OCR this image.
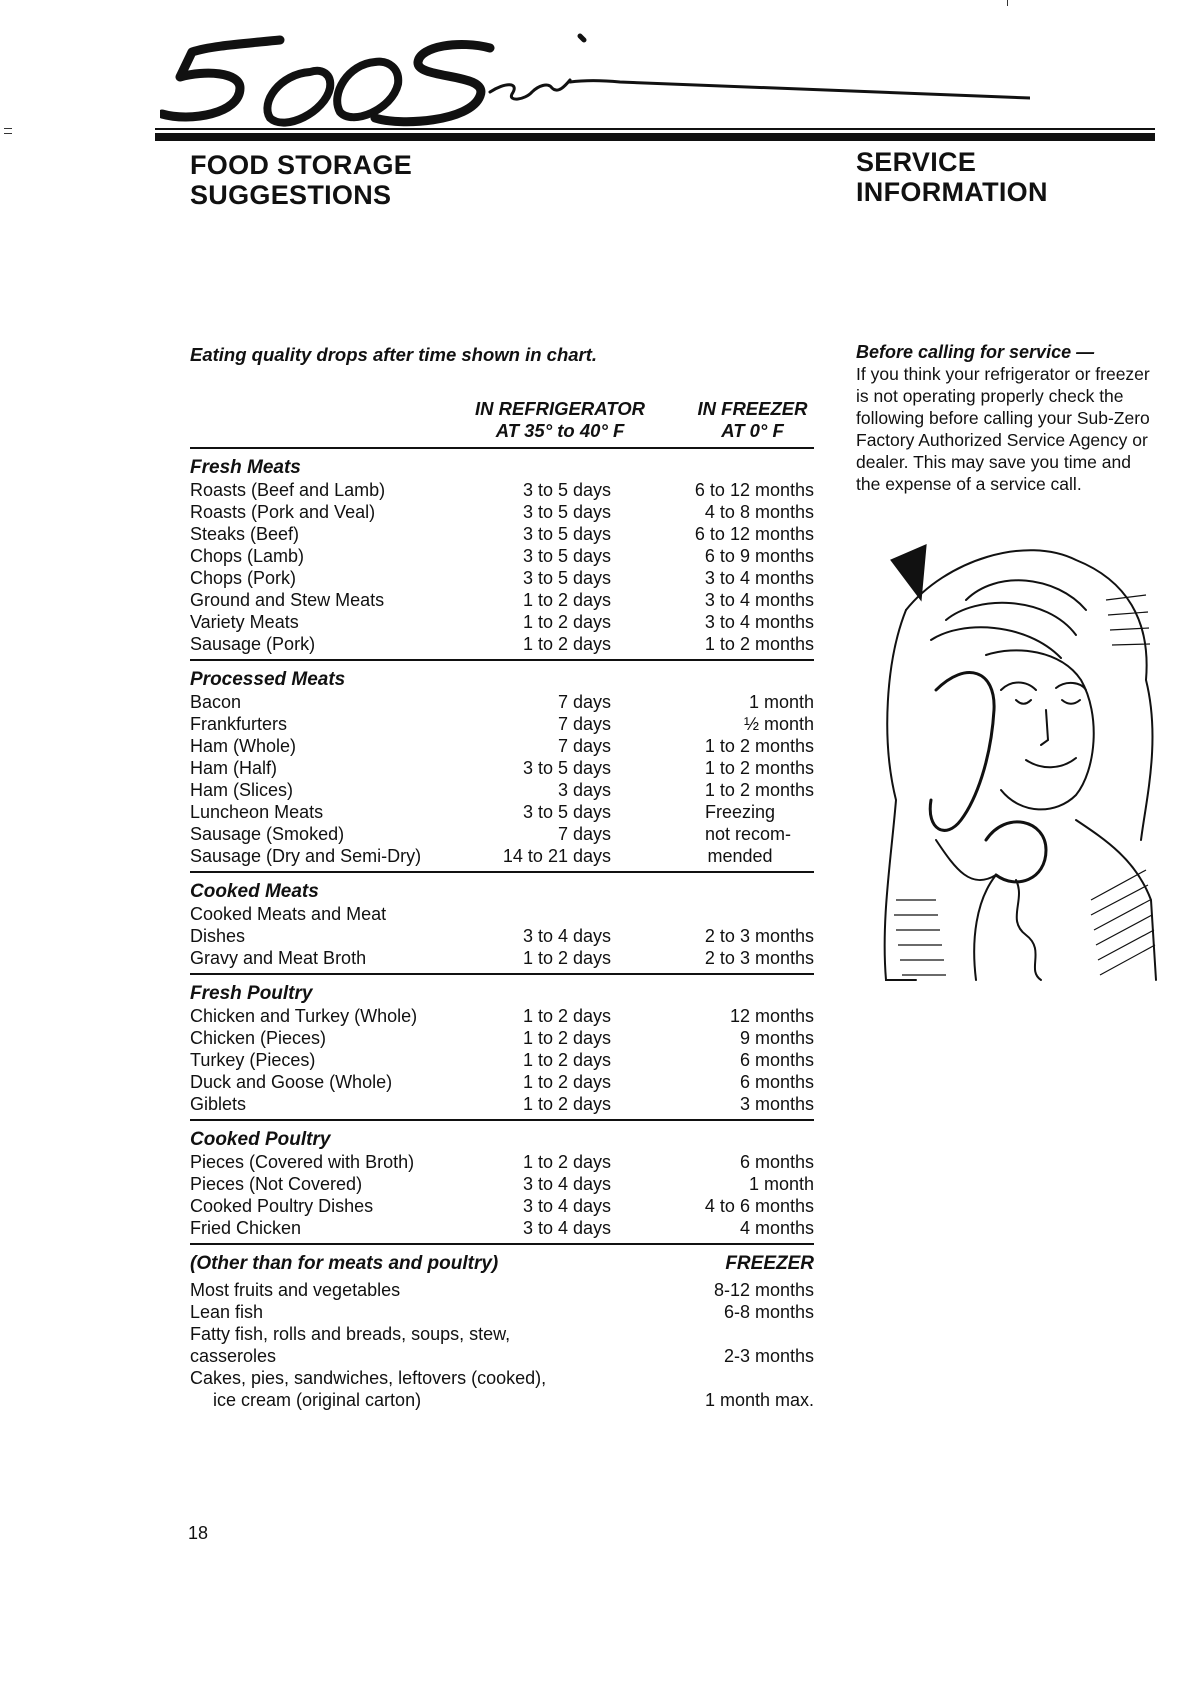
FOOD STORAGE
SUGGESTIONS
SERVICE
INFORMATION
Eating quality drops after time shown in chart.
IN REFRIGERATOR
AT 35° to 40° F
IN FREEZER
AT 0° F
Fresh Meats
Roasts (Beef and Lamb)	3 to 5 days	6 to 12 months
Roasts (Pork and Veal)	3 to 5 days	4 to 8 months
Steaks (Beef)	3 to 5 days	6 to 12 months
Chops (Lamb)	3 to 5 days	6 to 9 months
Chops (Pork)	3 to 5 days	3 to 4 months
Ground and Stew Meats	1 to 2 days	3 to 4 months
Variety Meats	1 to 2 days	3 to 4 months
Sausage (Pork)	1 to 2 days	1 to 2 months
Processed Meats
Bacon	7 days	1 month
Frankfurters	7 days	½ month
Ham (Whole)	7 days	1 to 2 months
Ham (Half)	3 to 5 days	1 to 2 months
Ham (Slices)	3 days	1 to 2 months
Luncheon Meats	3 to 5 days	Freezing
Sausage (Smoked)	7 days	not recom-
Sausage (Dry and Semi-Dry)	14 to 21 days	mended
Cooked Meats
Cooked Meats and Meat
Dishes	3 to 4 days	2 to 3 months
Gravy and Meat Broth	1 to 2 days	2 to 3 months
Fresh Poultry
Chicken and Turkey (Whole)	1 to 2 days	12 months
Chicken (Pieces)	1 to 2 days	9 months
Turkey (Pieces)	1 to 2 days	6 months
Duck and Goose (Whole)	1 to 2 days	6 months
Giblets	1 to 2 days	3 months
Cooked Poultry
Pieces (Covered with Broth)	1 to 2 days	6 months
Pieces (Not Covered)	3 to 4 days	1 month
Cooked Poultry Dishes	3 to 4 days	4 to 6 months
Fried Chicken	3 to 4 days	4 months
(Other than for meats and poultry)	FREEZER
Most fruits and vegetables	8-12 months
Lean fish	6-8 months
Fatty fish, rolls and breads, soups, stew,
casseroles	2-3 months
Cakes, pies, sandwiches, leftovers (cooked),
ice cream (original carton)	1 month max.
Before calling for service —
If you think your refrigerator or freezer is not operating properly check the following before calling your Sub-Zero Factory Authorized Service Agency or dealer. This may save you time and the expense of a service call.
18
